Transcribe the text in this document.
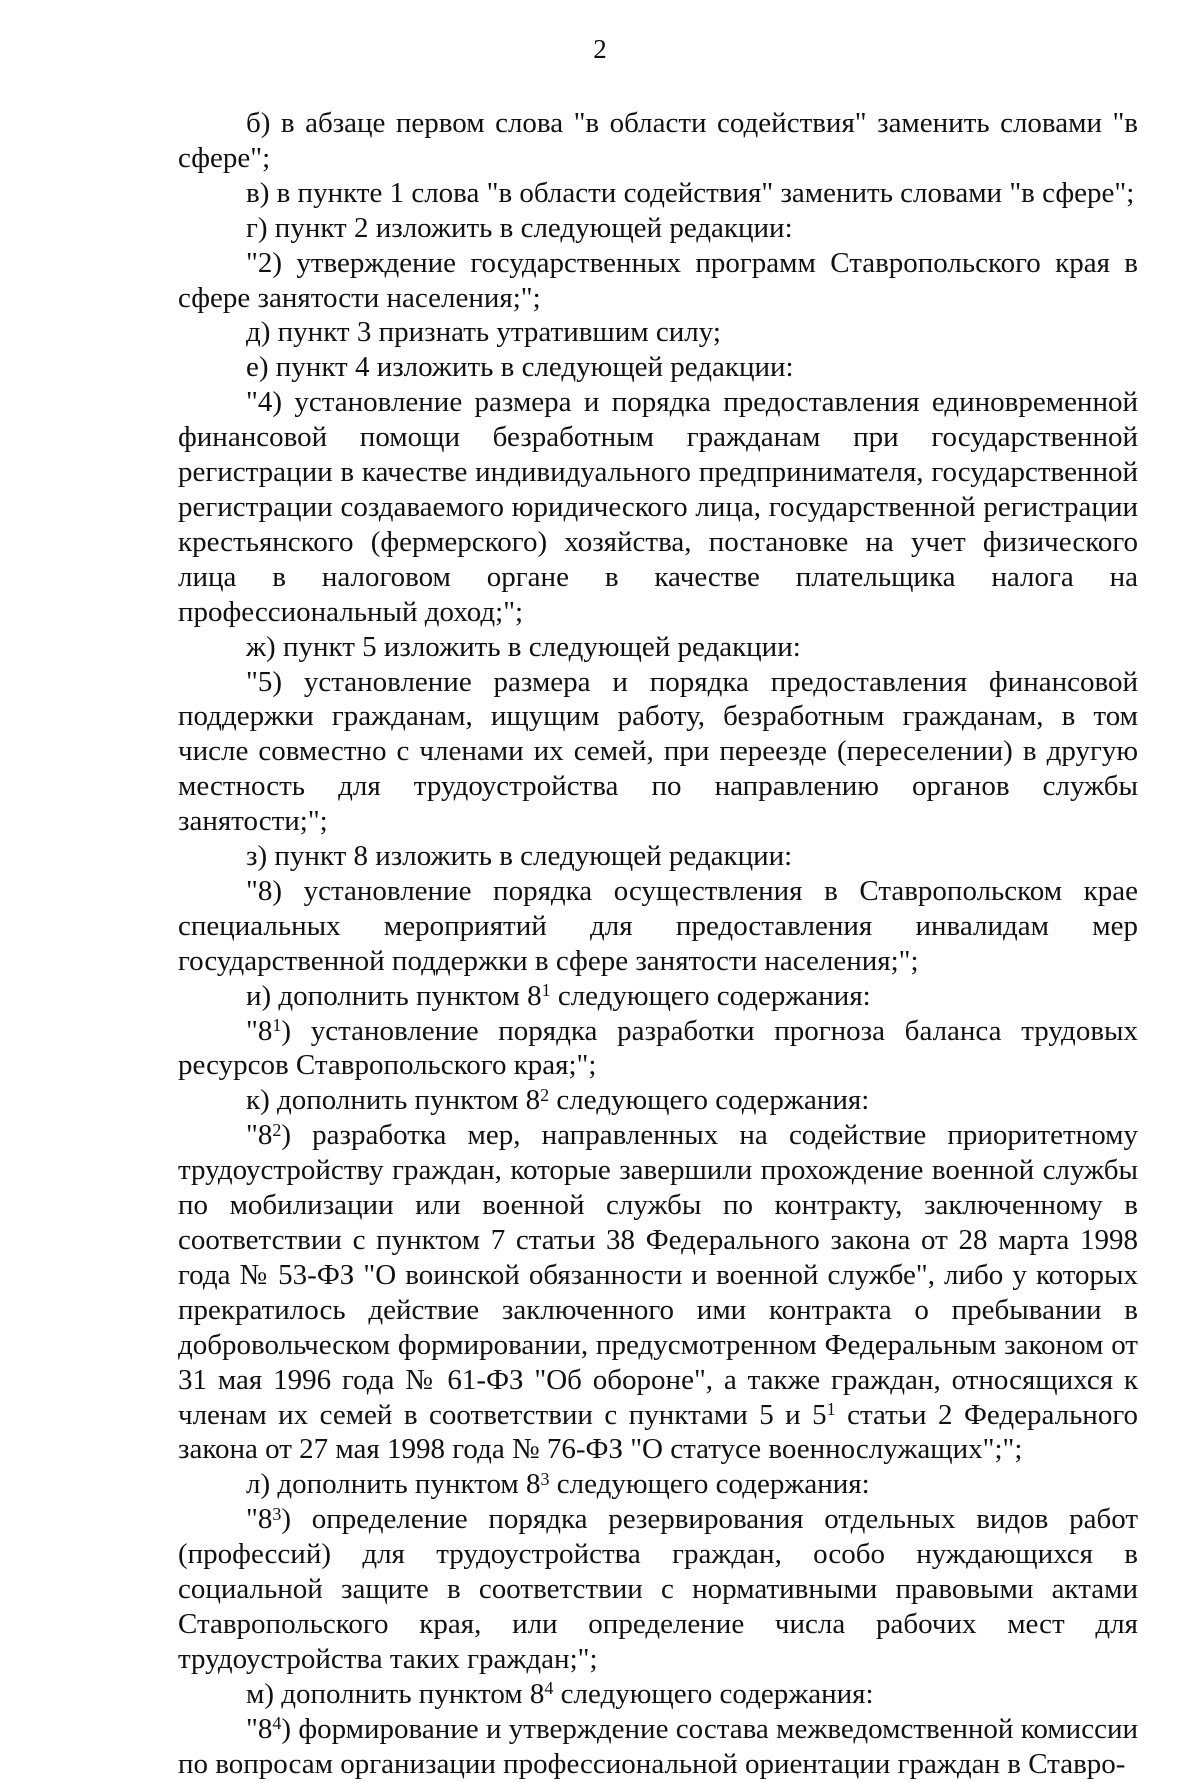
2

б) в абзаце первом слова "в области содействия" заменить словами "в сфере";

в) в пункте 1 слова "в области содействия" заменить словами "в сфере";

г) пункт 2 изложить в следующей редакции:

"2) утверждение государственных программ Ставропольского края в сфере занятости населения;";

д) пункт 3 признать утратившим силу;

е) пункт 4 изложить в следующей редакции:

"4) установление размера и порядка предоставления единовременной финансовой помощи безработным гражданам при государственной регистрации в качестве индивидуального предпринимателя, государственной регистрации создаваемого юридического лица, государственной регистрации крестьянского (фермерского) хозяйства, постановке на учет физического лица в налоговом органе в качестве плательщика налога на профессиональный доход;";

ж) пункт 5 изложить в следующей редакции:

"5) установление размера и порядка предоставления финансовой поддержки гражданам, ищущим работу, безработным гражданам, в том числе совместно с членами их семей, при переезде (переселении) в другую местность для трудоустройства по направлению органов службы занятости;";

з) пункт 8 изложить в следующей редакции:

"8) установление порядка осуществления в Ставропольском крае специальных мероприятий для предоставления инвалидам мер государственной поддержки в сфере занятости населения;";

и) дополнить пунктом $8^1$ следующего содержания:

"$8^1$) установление порядка разработки прогноза баланса трудовых ресурсов Ставропольского края;";

к) дополнить пунктом $8^2$ следующего содержания:

"$8^2$) разработка мер, направленных на содействие приоритетному трудоустройству граждан, которые завершили прохождение военной службы по мобилизации или военной службы по контракту, заключенному в соответствии с пунктом 7 статьи 38 Федерального закона от 28 марта 1998 года № 53-ФЗ "О воинской обязанности и военной службе", либо у которых прекратилось действие заключенного ими контракта о пребывании в добровольческом формировании, предусмотренном Федеральным законом от 31 мая 1996 года № 61-ФЗ "Об обороне", а также граждан, относящихся к членам их семей в соответствии с пунктами 5 и $5^1$ статьи 2 Федерального закона от 27 мая 1998 года № 76-ФЗ "О статусе военнослужащих";";

л) дополнить пунктом $8^3$ следующего содержания:

"$8^3$) определение порядка резервирования отдельных видов работ (профессий) для трудоустройства граждан, особо нуждающихся в социальной защите в соответствии с нормативными правовыми актами Ставропольского края, или определение числа рабочих мест для трудоустройства таких граждан;";

м) дополнить пунктом $8^4$ следующего содержания:

"$8^4$) формирование и утверждение состава межведомственной комиссии по вопросам организации профессиональной ориентации граждан в Ставро-
